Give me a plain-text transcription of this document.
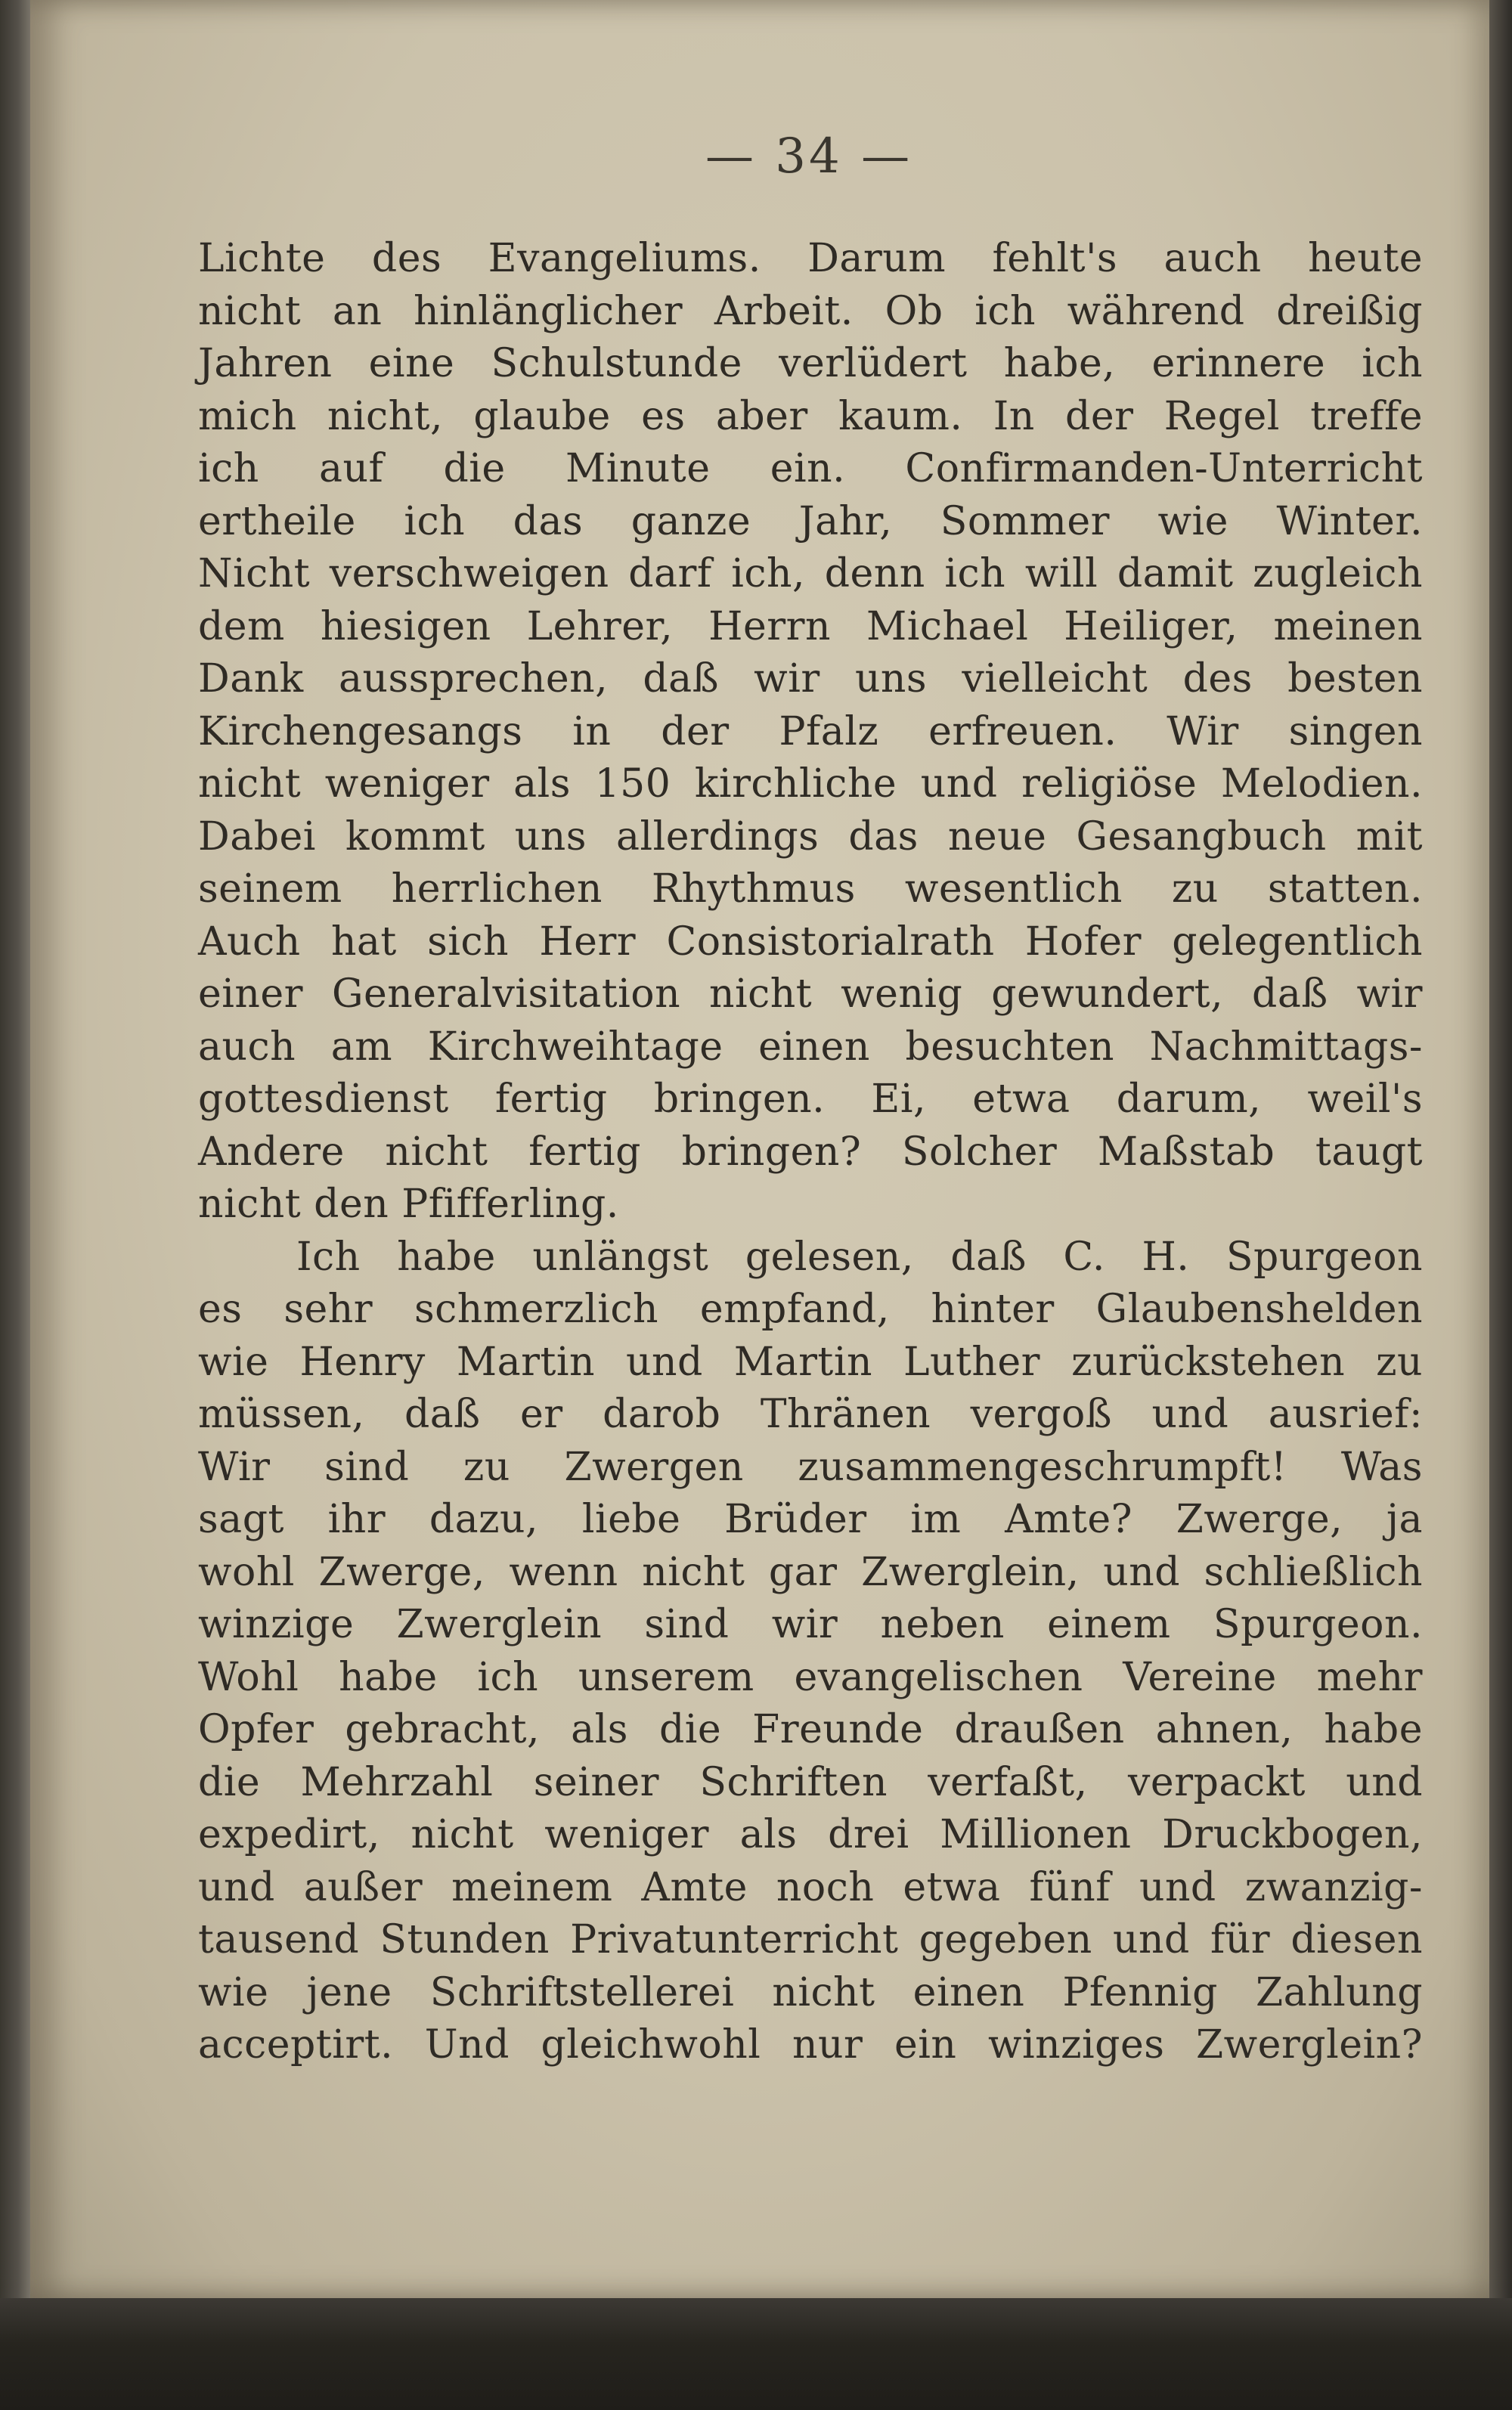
— 34 —
Lichte des Evangeliums. Darum fehlt's auch heute
nicht an hinlänglicher Arbeit. Ob ich während dreißig
Jahren eine Schulstunde verlüdert habe, erinnere ich
mich nicht, glaube es aber kaum. In der Regel treffe
ich auf die Minute ein. Confirmanden-Unterricht
ertheile ich das ganze Jahr, Sommer wie Winter.
Nicht verschweigen darf ich, denn ich will damit zugleich
dem hiesigen Lehrer, Herrn Michael Heiliger, meinen
Dank aussprechen, daß wir uns vielleicht des besten
Kirchengesangs in der Pfalz erfreuen. Wir singen
nicht weniger als 150 kirchliche und religiöse Melodien.
Dabei kommt uns allerdings das neue Gesangbuch mit
seinem herrlichen Rhythmus wesentlich zu statten.
Auch hat sich Herr Consistorialrath Hofer gelegentlich
einer Generalvisitation nicht wenig gewundert, daß wir
auch am Kirchweihtage einen besuchten Nachmittags-
gottesdienst fertig bringen. Ei, etwa darum, weil's
Andere nicht fertig bringen? Solcher Maßstab taugt
nicht den Pfifferling.
Ich habe unlängst gelesen, daß C. H. Spurgeon
es sehr schmerzlich empfand, hinter Glaubenshelden
wie Henry Martin und Martin Luther zurückstehen zu
müssen, daß er darob Thränen vergoß und ausrief:
Wir sind zu Zwergen zusammengeschrumpft! Was
sagt ihr dazu, liebe Brüder im Amte? Zwerge, ja
wohl Zwerge, wenn nicht gar Zwerglein, und schließlich
winzige Zwerglein sind wir neben einem Spurgeon.
Wohl habe ich unserem evangelischen Vereine mehr
Opfer gebracht, als die Freunde draußen ahnen, habe
die Mehrzahl seiner Schriften verfaßt, verpackt und
expedirt, nicht weniger als drei Millionen Druckbogen,
und außer meinem Amte noch etwa fünf und zwanzig-
tausend Stunden Privatunterricht gegeben und für diesen
wie jene Schriftstellerei nicht einen Pfennig Zahlung
acceptirt. Und gleichwohl nur ein winziges Zwerglein?
